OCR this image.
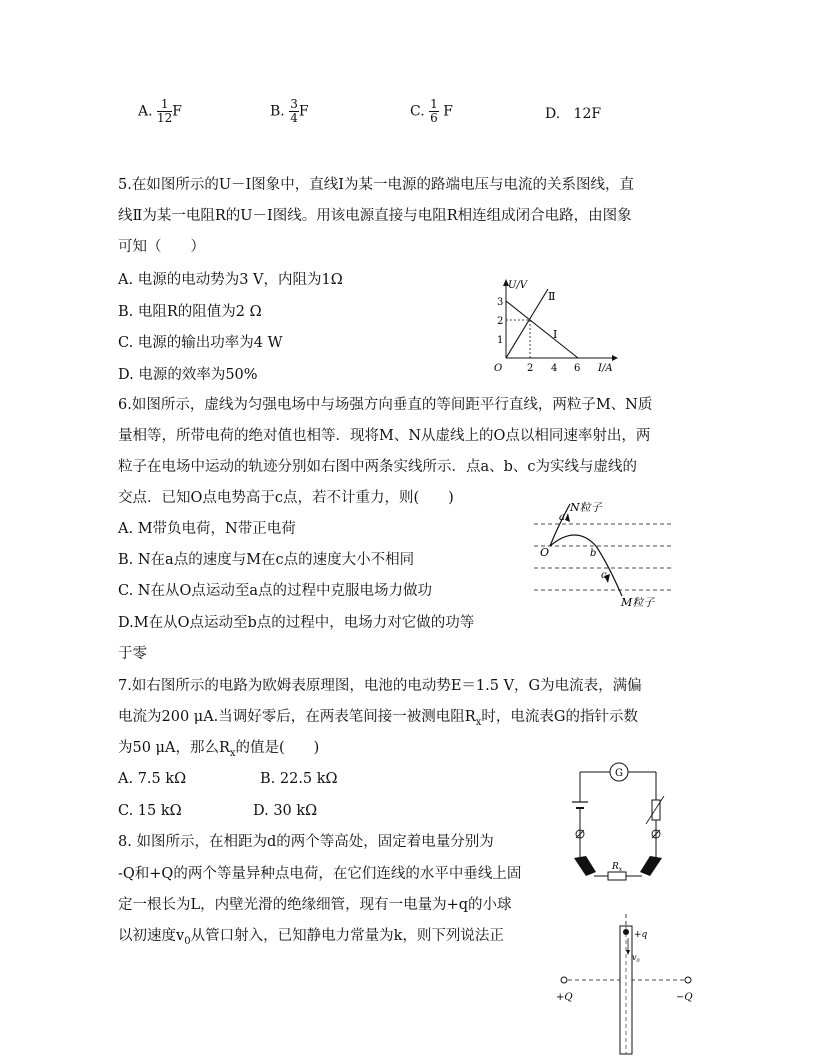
A. $\frac{1}{12}$ F	B. $\frac{3}{4}$ F	C. $\frac{1}{6}$ F	D. 12F
5.在如图所示的U－I图象中，直线Ⅰ为某一电源的路端电压与电流的关系图线，直
线Ⅱ为某一电阻R的U－I图线。用该电源直接与电阻R相连组成闭合电路，由图象
可知（　　）
A. 电源的电动势为3 V，内阻为1Ω
B. 电阻R的阻值为2 Ω
C. 电源的输出功率为4 W
D. 电源的效率为50%
U/V
I/A
O
1
2
3
2 4 6
Ⅰ
Ⅱ
6.如图所示，虚线为匀强电场中与场强方向垂直的等间距平行直线，两粒子M、N质
量相等，所带电荷的绝对值也相等．现将M、N从虚线上的O点以相同速率射出，两
粒子在电场中运动的轨迹分别如右图中两条实线所示．点a、b、c为实线与虚线的
交点．已知O点电势高于c点，若不计重力，则(　　)
A. M带负电荷，N带正电荷
B. N在a点的速度与M在c点的速度大小不相同
C. N在从O点运动至a点的过程中克服电场力做功
D.M在从O点运动至b点的过程中，电场力对它做的功等
于零
N粒子
M粒子
O
a
b
c
7.如右图所示的电路为欧姆表原理图，电池的电动势E＝1.5 V，G为电流表，满偏
电流为200 μA.当调好零后，在两表笔间接一被测电阻$R_x$时，电流表G的指针示数
为50 μA，那么$R_x$的值是(　　)
A. 7.5 kΩ	B. 22.5 kΩ
C. 15 kΩ	D. 30 kΩ
G
$R_x$
8. 如图所示，在相距为d的两个等高处，固定着电量分别为
-Q和+Q的两个等量异种点电荷，在它们连线的水平中垂线上固
定一根长为L，内壁光滑的绝缘细管，现有一电量为+q的小球
以初速度$v_0$从管口射入，已知静电力常量为k，则下列说法正
+Q	−Q
+q
$v_0$
